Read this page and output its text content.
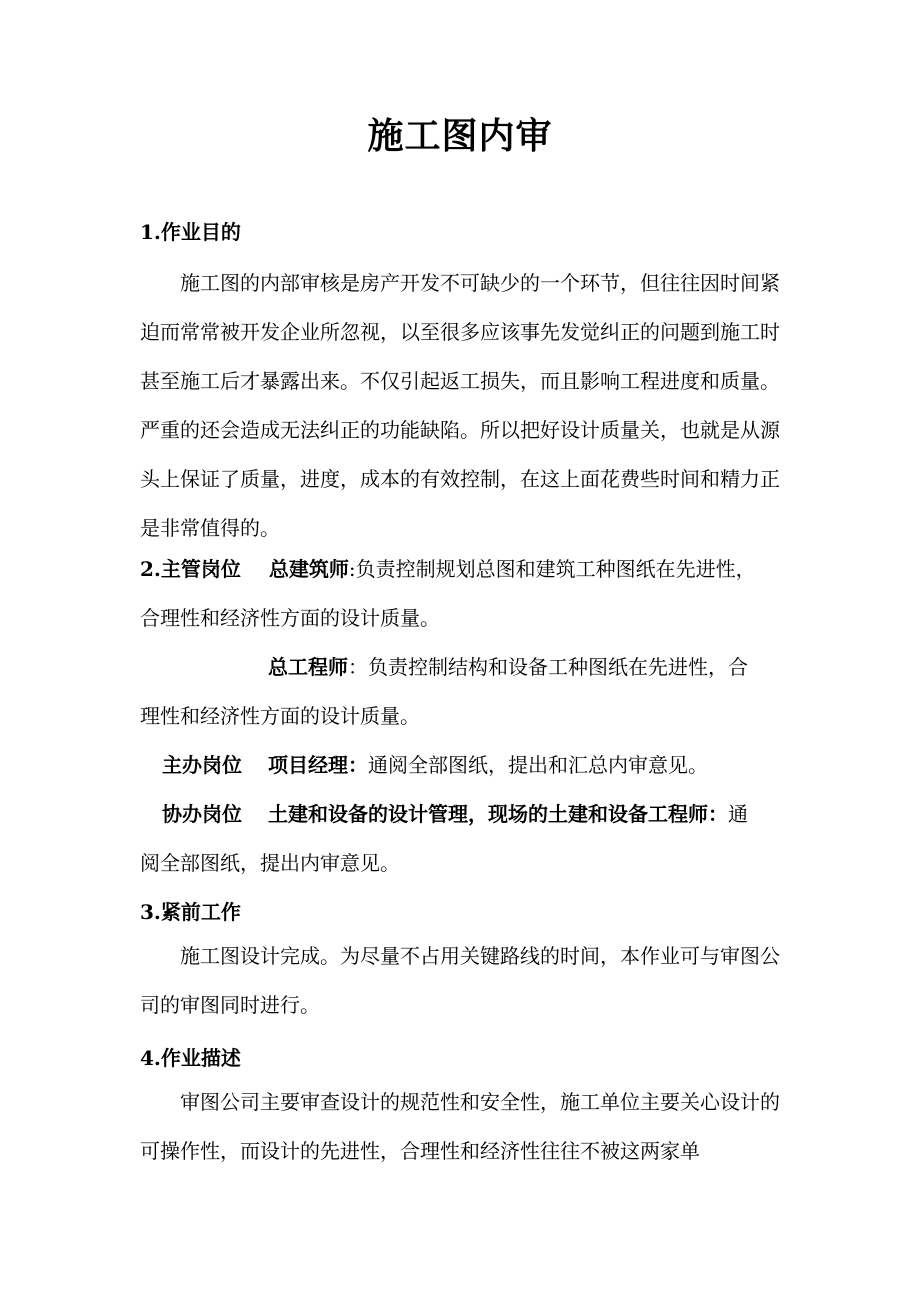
施工图内审
1.作业目的
施工图的内部审核是房产开发不可缺少的一个环节，但往往因时间紧迫而常常被开发企业所忽视，以至很多应该事先发觉纠正的问题到施工时甚至施工后才暴露出来。不仅引起返工损失，而且影响工程进度和质量。严重的还会造成无法纠正的功能缺陷。所以把好设计质量关，也就是从源头上保证了质量，进度，成本的有效控制，在这上面花费些时间和精力正是非常值得的。
2.主管岗位 总建筑师:负责控制规划总图和建筑工种图纸在先进性，
合理性和经济性方面的设计质量。
总工程师：负责控制结构和设备工种图纸在先进性，合
理性和经济性方面的设计质量。
主办岗位 项目经理：通阅全部图纸，提出和汇总内审意见。
协办岗位 土建和设备的设计管理，现场的土建和设备工程师：通
阅全部图纸，提出内审意见。
3.紧前工作
施工图设计完成。为尽量不占用关键路线的时间，本作业可与审图公司的审图同时进行。
4.作业描述
审图公司主要审查设计的规范性和安全性，施工单位主要关心设计的可操作性，而设计的先进性，合理性和经济性往往不被这两家单
